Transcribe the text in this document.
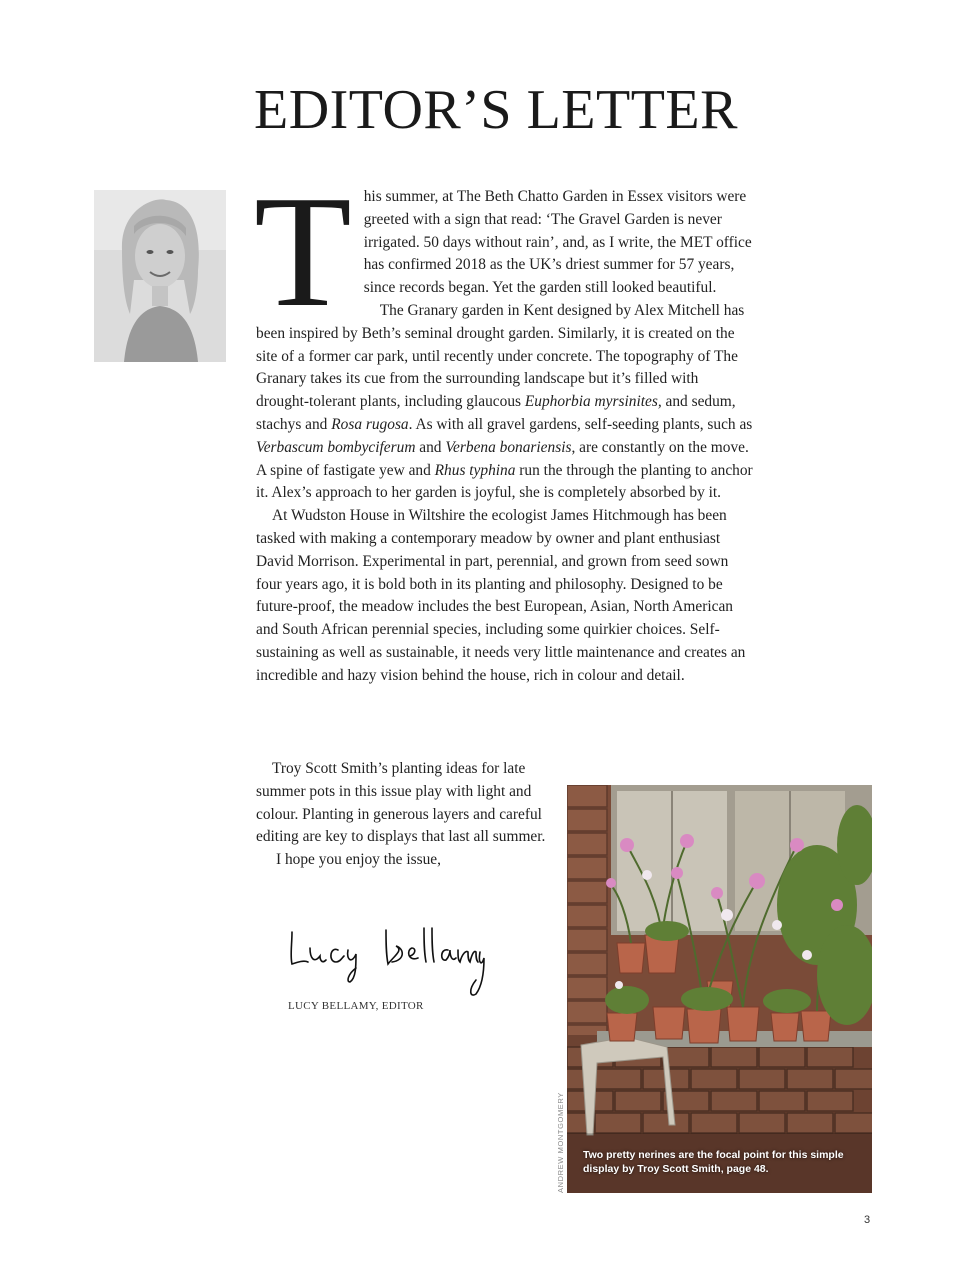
EDITOR’S LETTER
T his summer, at The Beth Chatto Garden in Essex visitors were greeted with a sign that read: ‘The Gravel Garden is never irrigated. 50 days without rain’, and, as I write, the MET office has confirmed 2018 as the UK’s driest summer for 57 years, since records began. Yet the garden still looked beautiful.

The Granary garden in Kent designed by Alex Mitchell has been inspired by Beth’s seminal drought garden. Similarly, it is created on the site of a former car park, until recently under concrete. The topography of The Granary takes its cue from the surrounding landscape but it’s filled with drought-tolerant plants, including glaucous Euphorbia myrsinites, and sedum, stachys and Rosa rugosa. As with all gravel gardens, self-seeding plants, such as Verbascum bombyciferum and Verbena bonariensis, are constantly on the move. A spine of fastigate yew and Rhus typhina run the through the planting to anchor it. Alex’s approach to her garden is joyful, she is completely absorbed by it.

At Wudston House in Wiltshire the ecologist James Hitchmough has been tasked with making a contemporary meadow by owner and plant enthusiast David Morrison. Experimental in part, perennial, and grown from seed sown four years ago, it is bold both in its planting and philosophy. Designed to be future-proof, the meadow includes the best European, Asian, North American and South African perennial species, including some quirkier choices. Self-sustaining as well as sustainable, it needs very little maintenance and creates an incredible and hazy vision behind the house, rich in colour and detail.

Troy Scott Smith’s planting ideas for late summer pots in this issue play with light and colour. Planting in generous layers and careful editing are key to displays that last all summer.

I hope you enjoy the issue,

LUCY BELLAMY, EDITOR
Two pretty nerines are the focal point for this simple display by Troy Scott Smith, page 48.
ANDREW MONTGOMERY
3
